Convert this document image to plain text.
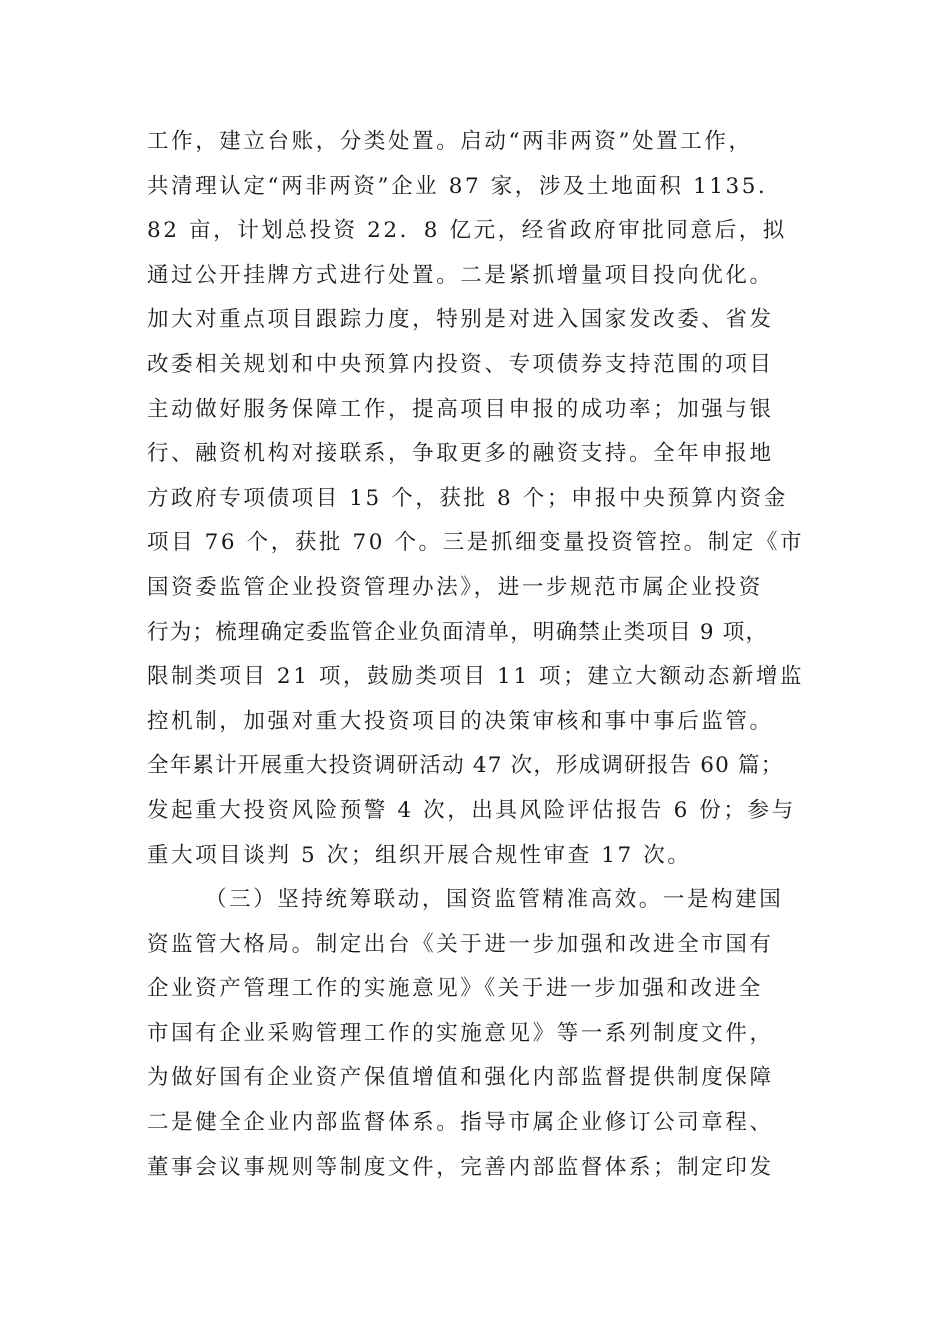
工作，建立台账，分类处置。启动“两非两资”处置工作，
共清理认定“两非两资”企业 87 家，涉及土地面积 1135．
82 亩，计划总投资 22．8 亿元，经省政府审批同意后，拟
通过公开挂牌方式进行处置。二是紧抓增量项目投向优化。
加大对重点项目跟踪力度，特别是对进入国家发改委、省发
改委相关规划和中央预算内投资、专项债券支持范围的项目
主动做好服务保障工作，提高项目申报的成功率；加强与银
行、融资机构对接联系，争取更多的融资支持。全年申报地
方政府专项债项目 15 个，获批 8 个；申报中央预算内资金
项目 76 个，获批 70 个。三是抓细变量投资管控。制定《市
国资委监管企业投资管理办法》，进一步规范市属企业投资
行为；梳理确定委监管企业负面清单，明确禁止类项目 9 项，
限制类项目 21 项，鼓励类项目 11 项；建立大额动态新增监
控机制，加强对重大投资项目的决策审核和事中事后监管。
全年累计开展重大投资调研活动 47 次，形成调研报告 60 篇；
发起重大投资风险预警 4 次，出具风险评估报告 6 份；参与
重大项目谈判 5 次；组织开展合规性审查 17 次。
（三）坚持统筹联动，国资监管精准高效。一是构建国
资监管大格局。制定出台《关于进一步加强和改进全市国有
企业资产管理工作的实施意见》《关于进一步加强和改进全
市国有企业采购管理工作的实施意见》等一系列制度文件，
为做好国有企业资产保值增值和强化内部监督提供制度保障
二是健全企业内部监督体系。指导市属企业修订公司章程、
董事会议事规则等制度文件，完善内部监督体系；制定印发
